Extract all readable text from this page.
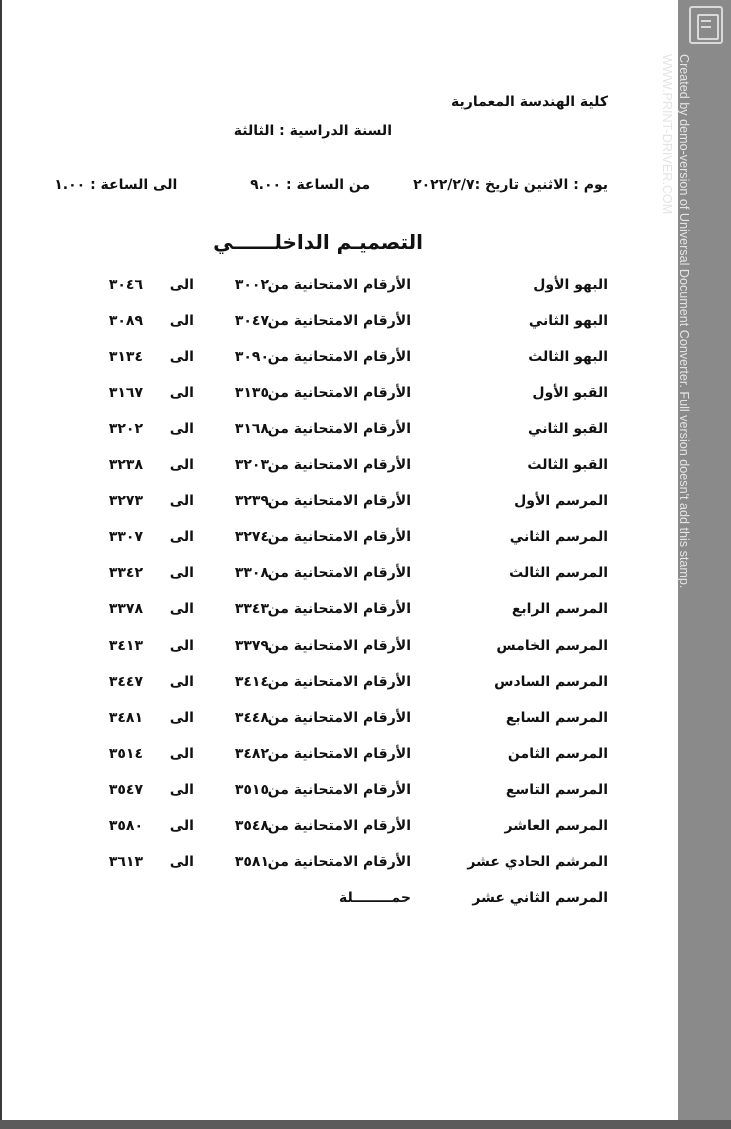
كلية الهندسة المعمارية
السنة الدراسية : الثالثة
يوم : الاثنين تاريخ :٢٠٢٢/٢/٧ من الساعة : ٩.٠٠ الى الساعة : ١.٠٠
التصميـم الداخلــــــي
البهو الأول
الأرقام الامتحانية من
٣٠٠٢
الى
٣٠٤٦
البهو الثاني
الأرقام الامتحانية من
٣٠٤٧
الى
٣٠٨٩
البهو الثالث
الأرقام الامتحانية من
٣٠٩٠
الى
٣١٣٤
القبو الأول
الأرقام الامتحانية من
٣١٣٥
الى
٣١٦٧
القبو الثاني
الأرقام الامتحانية من
٣١٦٨
الى
٣٢٠٢
القبو الثالث
الأرقام الامتحانية من
٣٢٠٣
الى
٣٢٣٨
المرسم الأول
الأرقام الامتحانية من
٣٢٣٩
الى
٣٢٧٣
المرسم الثاني
الأرقام الامتحانية من
٣٢٧٤
الى
٣٣٠٧
المرسم الثالث
الأرقام الامتحانية من
٣٣٠٨
الى
٣٣٤٢
المرسم الرابع
الأرقام الامتحانية من
٣٣٤٣
الى
٣٣٧٨
المرسم الخامس
الأرقام الامتحانية من
٣٣٧٩
الى
٣٤١٣
المرسم السادس
الأرقام الامتحانية من
٣٤١٤
الى
٣٤٤٧
المرسم السابع
الأرقام الامتحانية من
٣٤٤٨
الى
٣٤٨١
المرسم الثامن
الأرقام الامتحانية من
٣٤٨٢
الى
٣٥١٤
المرسم التاسع
الأرقام الامتحانية من
٣٥١٥
الى
٣٥٤٧
المرسم العاشر
الأرقام الامتحانية من
٣٥٤٨
الى
٣٥٨٠
المرشم الحادي عشر
الأرقام الامتحانية من
٣٥٨١
الى
٣٦١٣
المرسم الثاني عشر
حمــــــــلة
Created by demo-version of Universal Document Converter. Full version doesn't add this stamp.
WWW.PRINT-DRIVER.COM
